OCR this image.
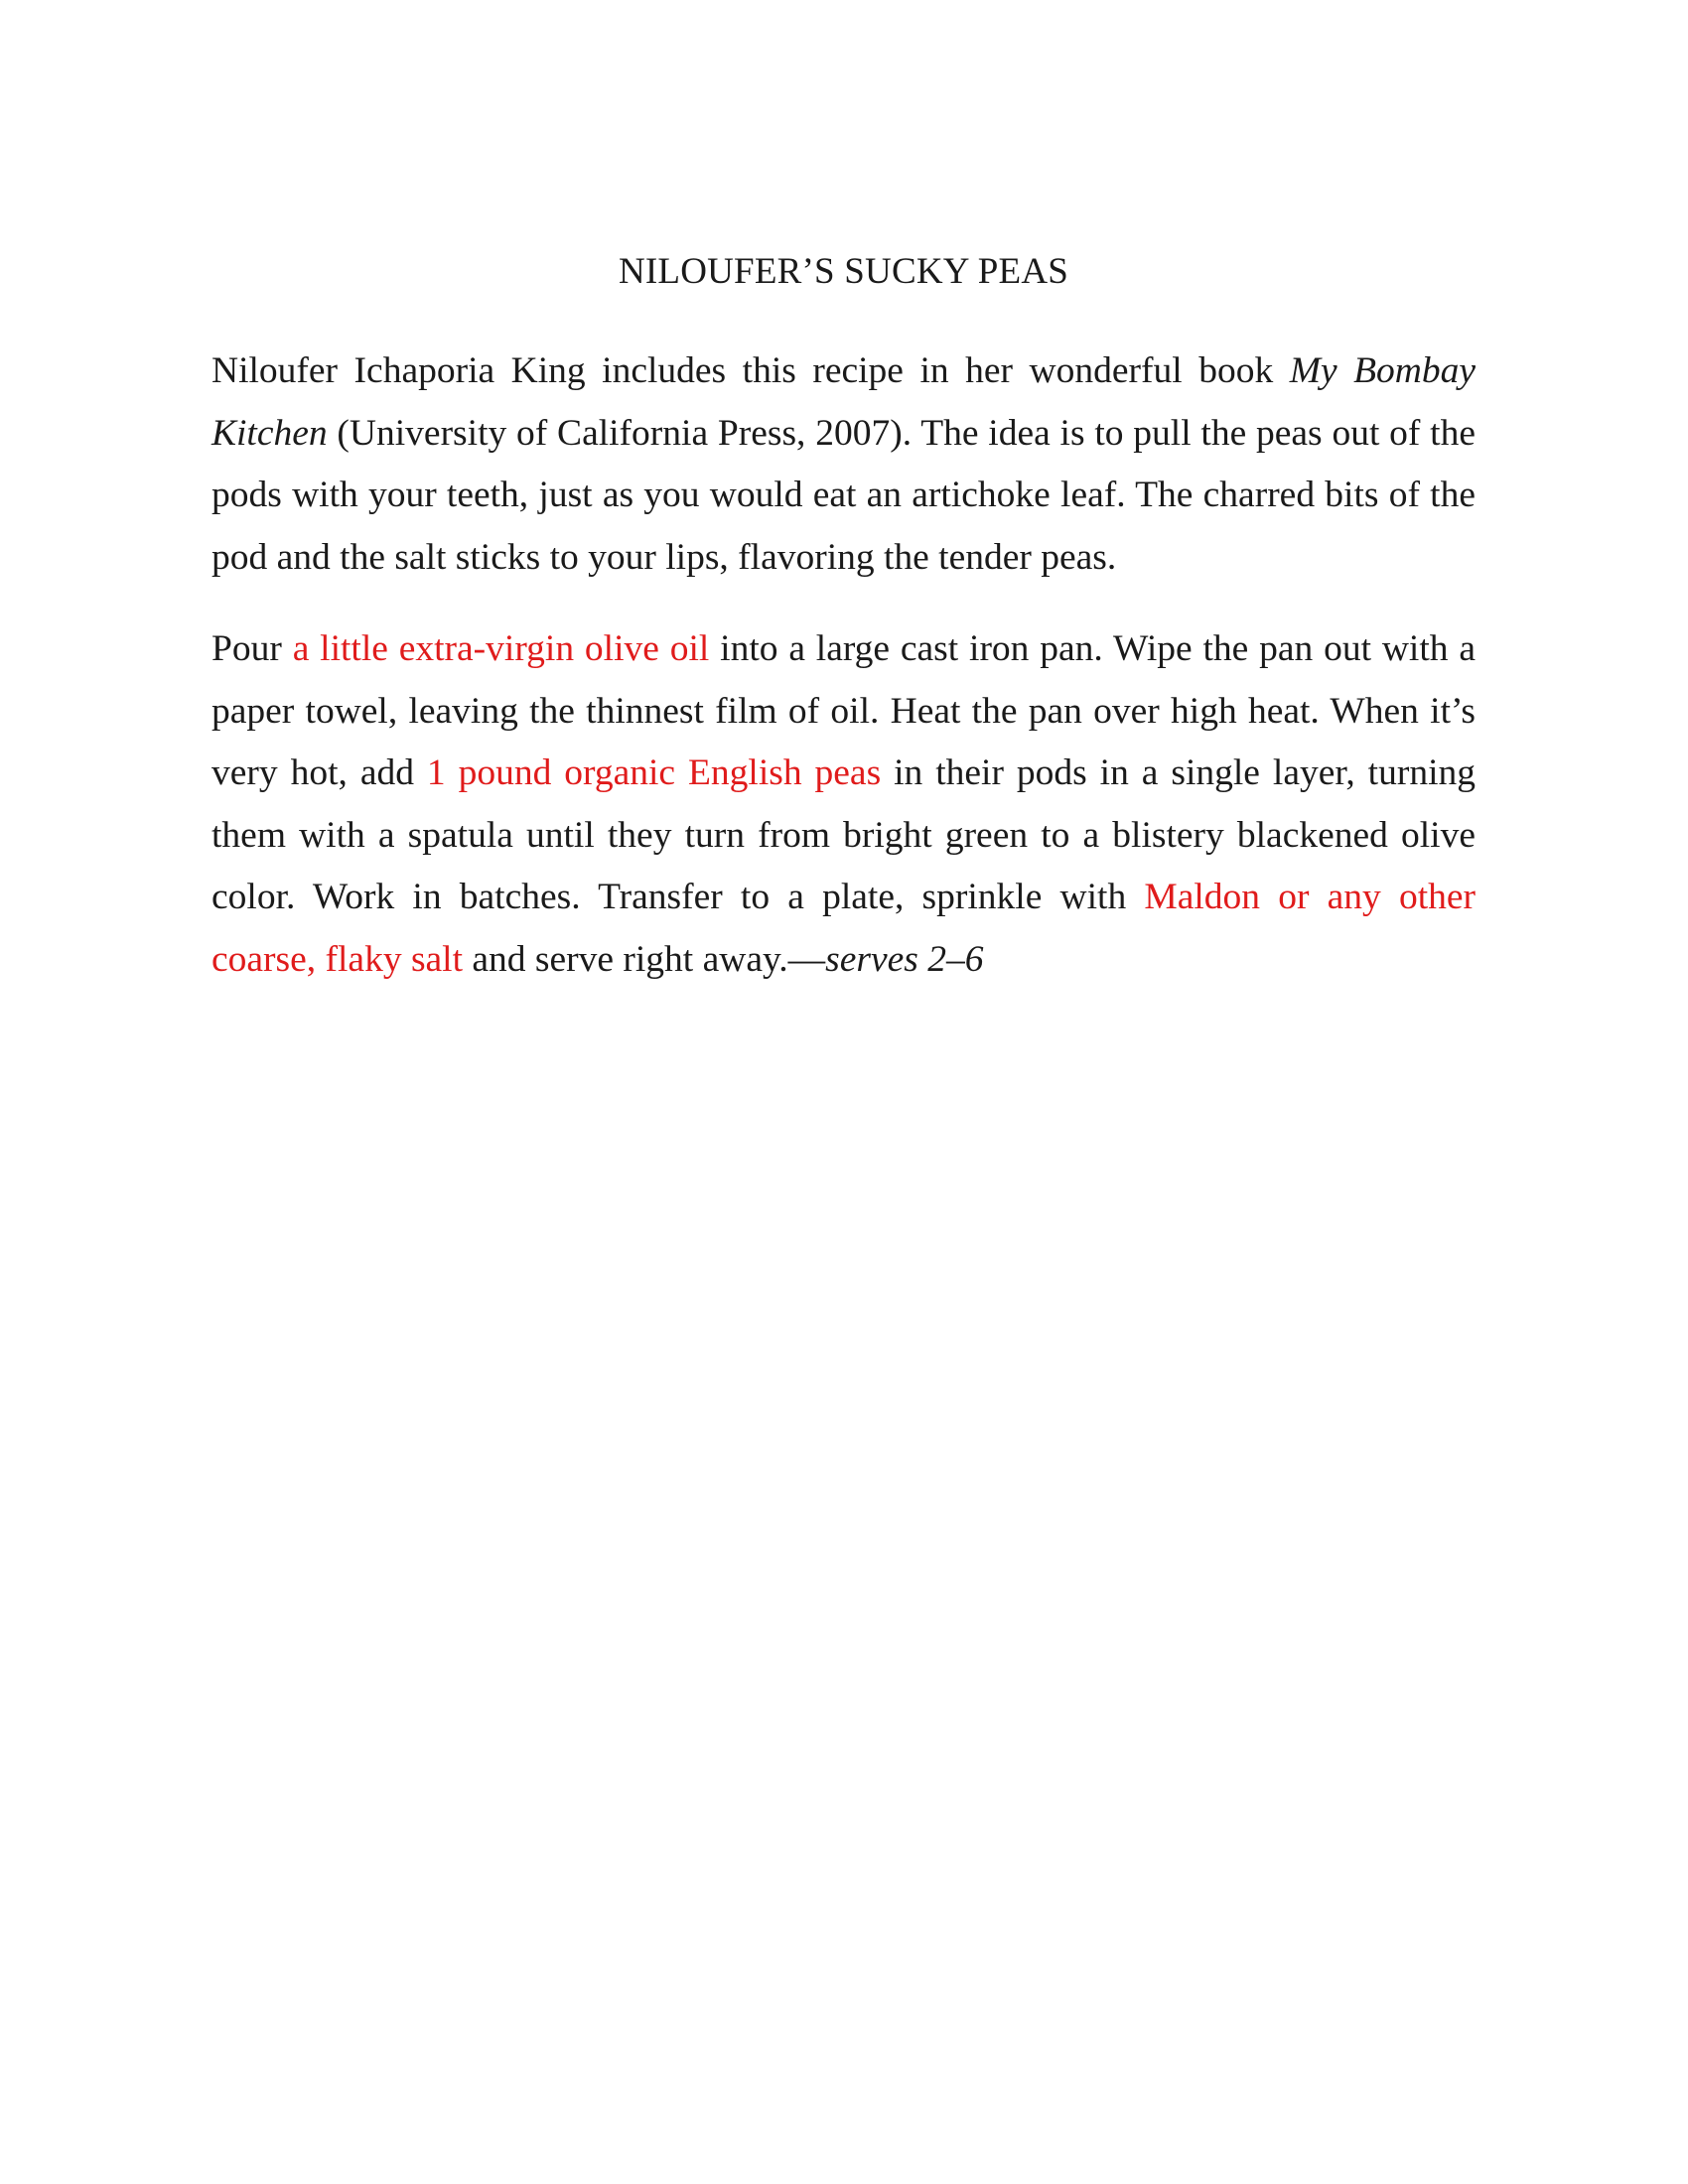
NILOUFER’S SUCKY PEAS

Niloufer Ichaporia King includes this recipe in her wonderful book My Bombay Kitchen (University of California Press, 2007). The idea is to pull the peas out of the pods with your teeth, just as you would eat an artichoke leaf. The charred bits of the pod and the salt sticks to your lips, flavoring the tender peas.

Pour a little extra-virgin olive oil into a large cast iron pan. Wipe the pan out with a paper towel, leaving the thinnest film of oil. Heat the pan over high heat. When it’s very hot, add 1 pound organic English peas in their pods in a single layer, turning them with a spatula until they turn from bright green to a blistery blackened olive color. Work in batches. Transfer to a plate, sprinkle with Maldon or any other coarse, flaky salt and serve right away.—serves 2–6
